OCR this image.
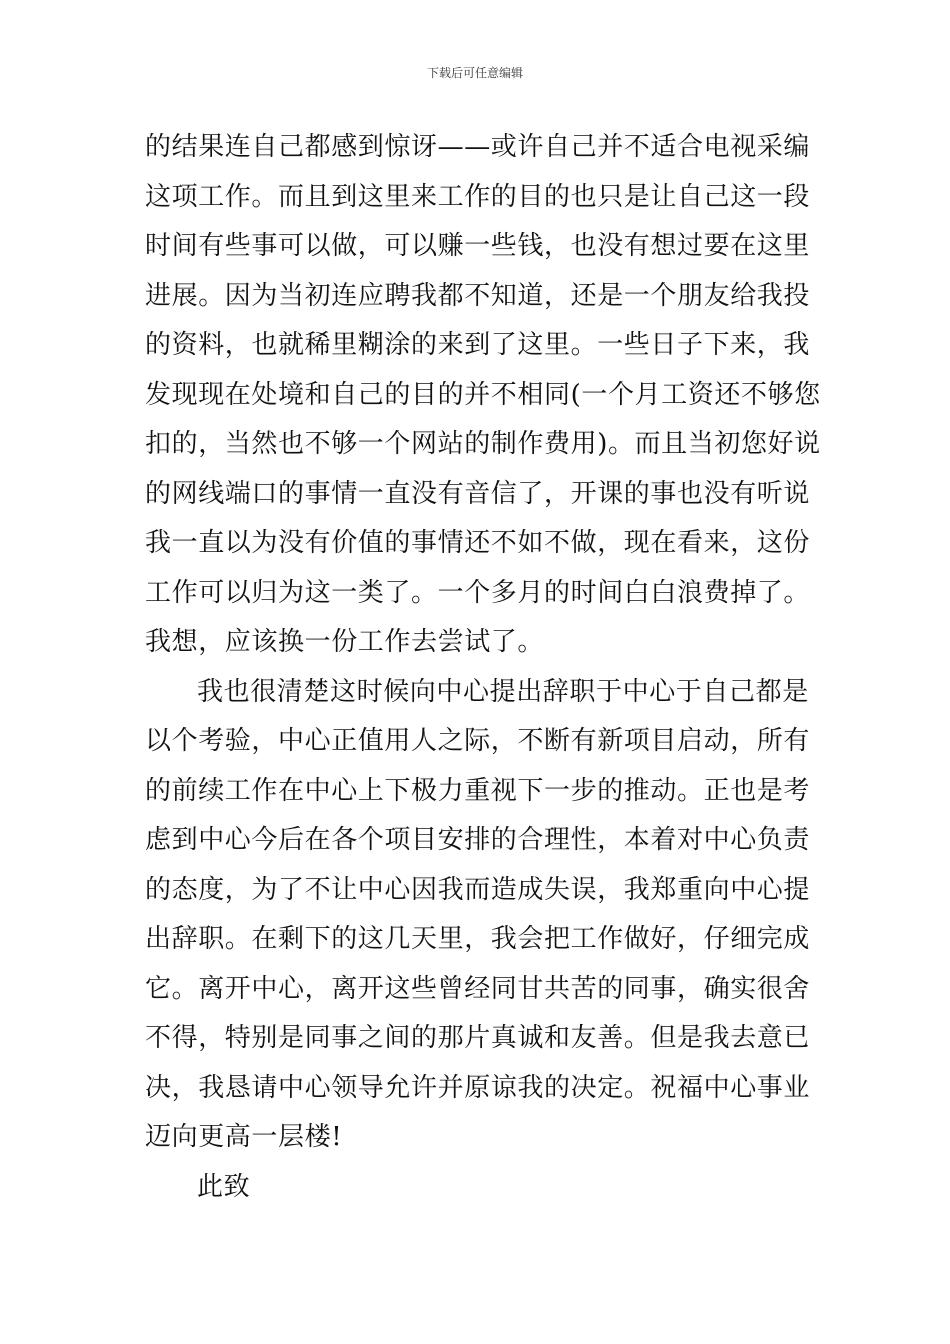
下载后可任意编辑
的结果连自己都感到惊讶——或许自己并不适合电视采编
这项工作。而且到这里来工作的目的也只是让自己这一段
时间有些事可以做，可以赚一些钱，也没有想过要在这里
进展。因为当初连应聘我都不知道，还是一个朋友给我投
的资料，也就稀里糊涂的来到了这里。一些日子下来，我
发现现在处境和自己的目的并不相同(一个月工资还不够您
扣的，当然也不够一个网站的制作费用)。而且当初您好说
的网线端口的事情一直没有音信了，开课的事也没有听说
我一直以为没有价值的事情还不如不做，现在看来，这份
工作可以归为这一类了。一个多月的时间白白浪费掉了。
我想，应该换一份工作去尝试了。
我也很清楚这时候向中心提出辞职于中心于自己都是
以个考验，中心正值用人之际，不断有新项目启动，所有
的前续工作在中心上下极力重视下一步的推动。正也是考
虑到中心今后在各个项目安排的合理性，本着对中心负责
的态度，为了不让中心因我而造成失误，我郑重向中心提
出辞职。在剩下的这几天里，我会把工作做好，仔细完成
它。离开中心，离开这些曾经同甘共苦的同事，确实很舍
不得，特别是同事之间的那片真诚和友善。但是我去意已
决，我恳请中心领导允许并原谅我的决定。祝福中心事业
迈向更高一层楼!
此致
